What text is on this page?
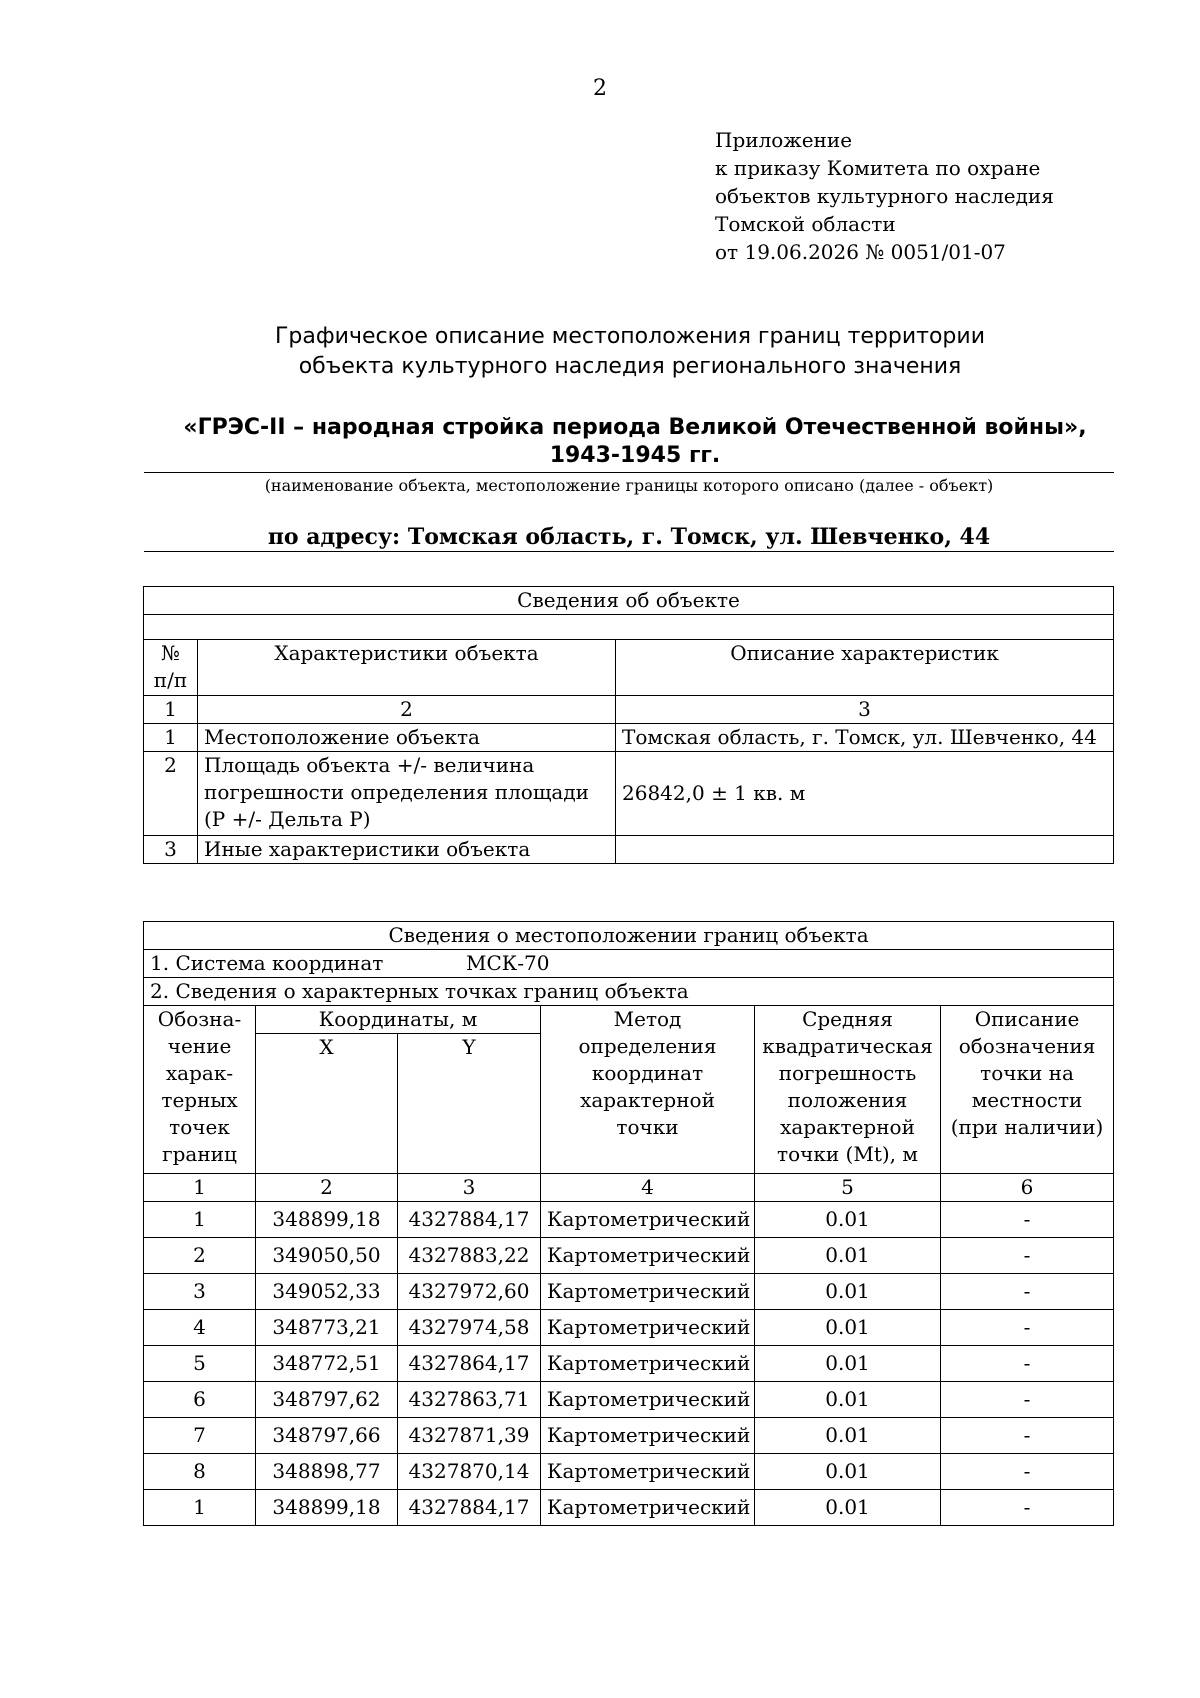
2
Приложение
к приказу Комитета по охране
объектов культурного наследия
Томской области
от 19.06.2026 № 0051/01-07
Графическое описание местоположения границ территории
объекта культурного наследия регионального значения
«ГРЭС-II – народная стройка периода Великой Отечественной войны»,
1943-1945 гг.
(наименование объекта, местоположение границы которого описано (далее - объект)
по адресу: Томская область, г. Томск, ул. Шевченко, 44
Сведения об объекте		

№ п/п	Характеристики объекта	Описание характеристик
1	2	3
1	Местоположение объекта	Томская область, г. Томск, ул. Шевченко, 44
2	Площадь объекта +/- величина погрешности определения площади (P +/- Дельта P)	26842,0 ± 1 кв. м
3	Иные характеристики объекта	
Сведения о местоположении границ объекта					
1. Система координат МСК-70					
2. Сведения о характерных точках границ объекта					
Обозна-чение харак-терных точек границ	Координаты, м		Метод определения координат характерной точки	Средняя квадратическая погрешность положения характерной точки (Mt), м	Описание обозначения точки на местности (при наличии)
	X	Y			
1	2	3	4	5	6
1	348899,18	4327884,17	Картометрический	0.01	-
2	349050,50	4327883,22	Картометрический	0.01	-
3	349052,33	4327972,60	Картометрический	0.01	-
4	348773,21	4327974,58	Картометрический	0.01	-
5	348772,51	4327864,17	Картометрический	0.01	-
6	348797,62	4327863,71	Картометрический	0.01	-
7	348797,66	4327871,39	Картометрический	0.01	-
8	348898,77	4327870,14	Картометрический	0.01	-
1	348899,18	4327884,17	Картометрический	0.01	-
